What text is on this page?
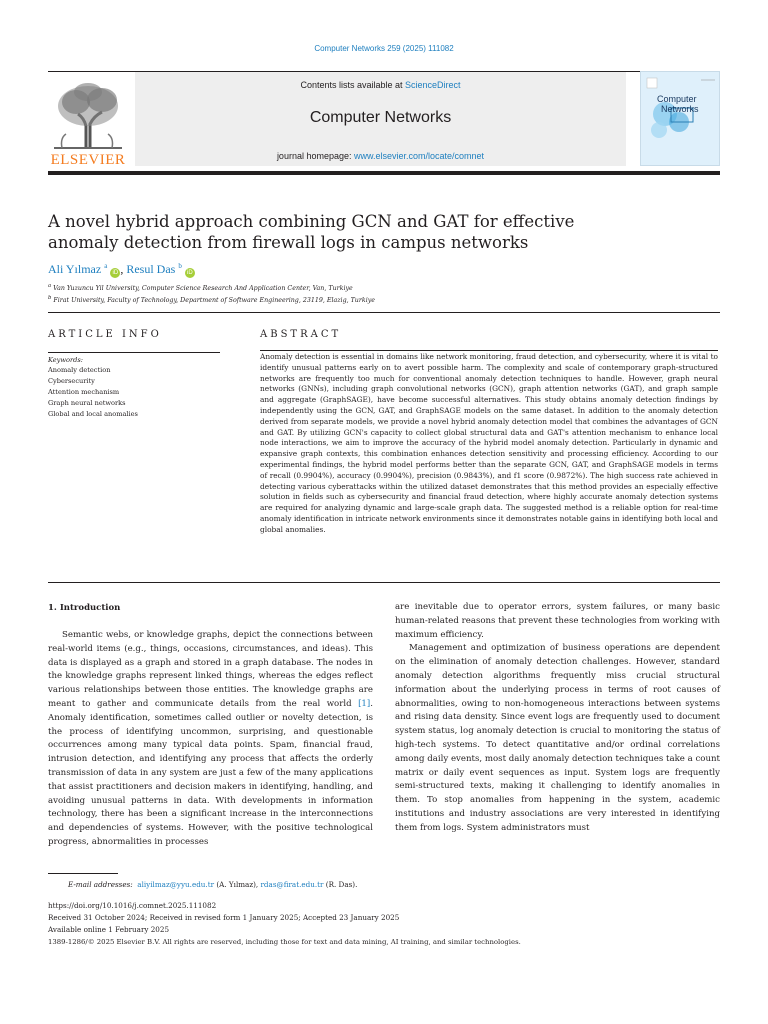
Computer Networks 259 (2025) 111082
ELSEVIER
Contents lists available at ScienceDirect
Computer Networks
journal homepage: www.elsevier.com/locate/comnet
Computer
Networks
A novel hybrid approach combining GCN and GAT for effective anomaly detection from firewall logs in campus networks
Ali Yılmaz $^a$ iD , Resul Das $^b$ iD
$^a$ Van Yuzuncu Yil University, Computer Science Research And Application Center, Van, Turkiye
$^b$ Firat University, Faculty of Technology, Department of Software Engineering, 23119, Elazig, Turkiye
ARTICLE INFO	ABSTRACT
Keywords:
Anomaly detection
Cybersecurity
Attention mechanism
Graph neural networks
Global and local anomalies
Anomaly detection is essential in domains like network monitoring, fraud detection, and cybersecurity, where it is vital to identify unusual patterns early on to avert possible harm. The complexity and scale of contemporary graph-structured networks are frequently too much for conventional anomaly detection techniques to handle. However, graph neural networks (GNNs), including graph convolutional networks (GCN), graph attention networks (GAT), and graph sample and aggregate (GraphSAGE), have become successful alternatives. This study obtains anomaly detection findings by independently using the GCN, GAT, and GraphSAGE models on the same dataset. In addition to the anomaly detection derived from separate models, we provide a novel hybrid anomaly detection model that combines the advantages of GCN and GAT. By utilizing GCN's capacity to collect global structural data and GAT's attention mechanism to enhance local node interactions, we aim to improve the accuracy of the hybrid model anomaly detection. Particularly in dynamic and expansive graph contexts, this combination enhances detection sensitivity and processing efficiency. According to our experimental findings, the hybrid model performs better than the separate GCN, GAT, and GraphSAGE models in terms of recall (0.9904%), accuracy (0.9904%), precision (0.9843%), and f1 score (0.9872%). The high success rate achieved in detecting various cyberattacks within the utilized dataset demonstrates that this method provides an especially effective solution in fields such as cybersecurity and financial fraud detection, where highly accurate anomaly detection systems are required for analyzing dynamic and large-scale graph data. The suggested method is a reliable option for real-time anomaly identification in intricate network environments since it demonstrates notable gains in identifying both local and global anomalies.
1. Introduction

Semantic webs, or knowledge graphs, depict the connections between real-world items (e.g., things, occasions, circumstances, and ideas). This data is displayed as a graph and stored in a graph database. The nodes in the knowledge graphs represent linked things, whereas the edges reflect various relationships between those entities. The knowledge graphs are meant to gather and communicate details from the real world [1]. Anomaly identification, sometimes called outlier or novelty detection, is the process of identifying uncommon, surprising, and questionable occurrences among many typical data points. Spam, financial fraud, intrusion detection, and identifying any process that affects the orderly transmission of data in any system are just a few of the many applications that assist practitioners and decision makers in identifying, handling, and avoiding unusual patterns in data. With developments in information technology, there has been a significant increase in the interconnections and dependencies of systems. However, with the positive technological progress, abnormalities in processes

are inevitable due to operator errors, system failures, or many basic human-related reasons that prevent these technologies from working with maximum efficiency.

Management and optimization of business operations are dependent on the elimination of anomaly detection challenges. However, standard anomaly detection algorithms frequently miss crucial structural information about the underlying process in terms of root causes of abnormalities, owing to non-homogeneous interactions between systems and rising data density. Since event logs are frequently used to document system status, log anomaly detection is crucial to monitoring the status of high-tech systems. To detect quantitative and/or ordinal correlations among daily events, most daily anomaly detection techniques take a count matrix or daily event sequences as input. System logs are frequently semi-structured texts, making it challenging to identify anomalies in them. To stop anomalies from happening in the system, academic institutions and industry associations are very interested in identifying them from logs. System administrators must

E-mail addresses: aliyilmaz@yyu.edu.tr (A. Yılmaz), rdas@firat.edu.tr (R. Das).
https://doi.org/10.1016/j.comnet.2025.111082
Received 31 October 2024; Received in revised form 1 January 2025; Accepted 23 January 2025
Available online 1 February 2025
1389-1286/© 2025 Elsevier B.V. All rights are reserved, including those for text and data mining, AI training, and similar technologies.
